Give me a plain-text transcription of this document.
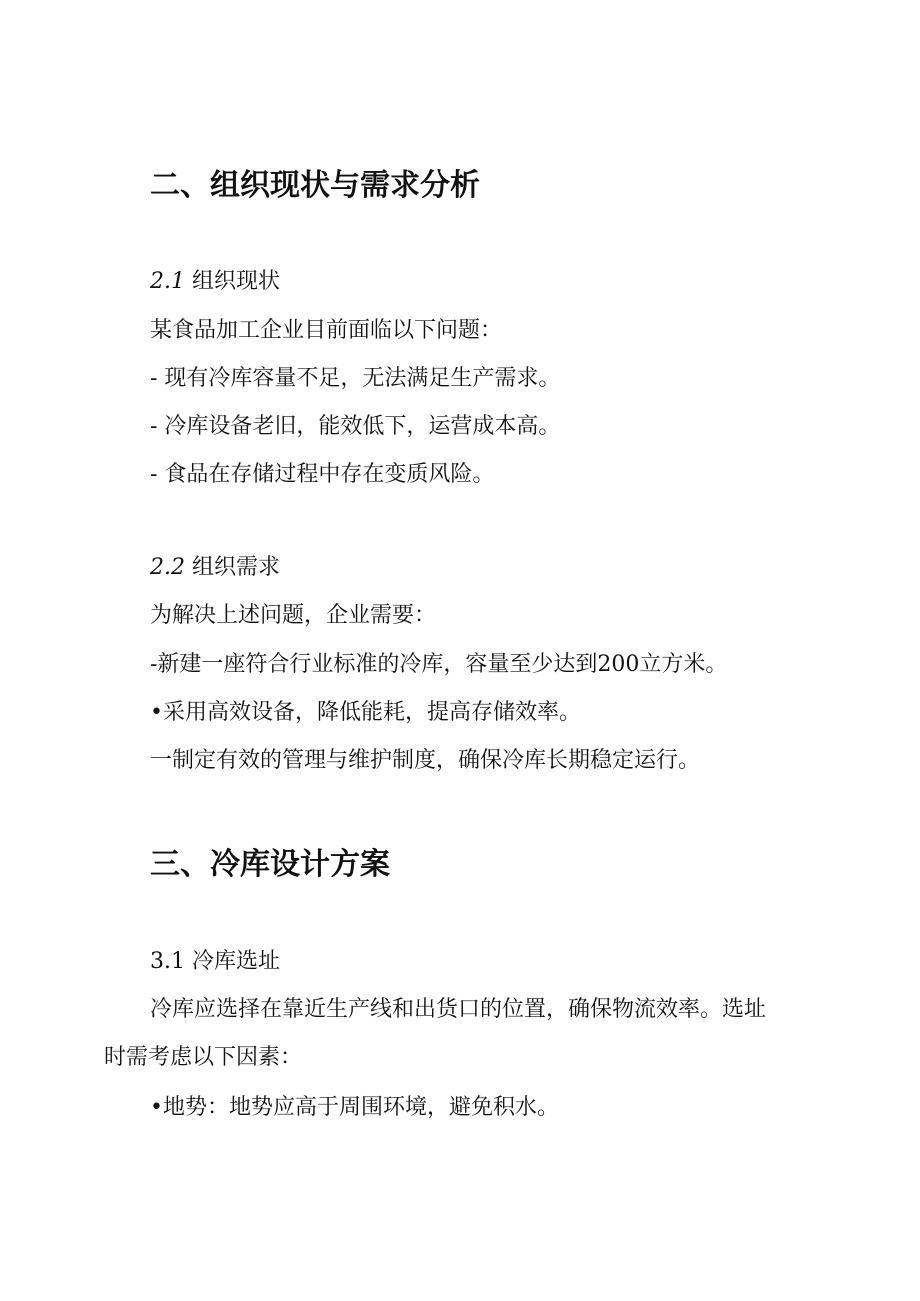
二、组织现状与需求分析
2.1 组织现状
某食品加工企业目前面临以下问题：
- 现有冷库容量不足，无法满足生产需求。
- 冷库设备老旧，能效低下，运营成本高。
- 食品在存储过程中存在变质风险。
2.2 组织需求
为解决上述问题，企业需要：
-新建一座符合行业标准的冷库，容量至少达到200立方米。
•采用高效设备，降低能耗，提高存储效率。
一制定有效的管理与维护制度，确保冷库长期稳定运行。
三、冷库设计方案
3.1 冷库选址
冷库应选择在靠近生产线和出货口的位置，确保物流效率。选址
时需考虑以下因素：
•地势：地势应高于周围环境，避免积水。
